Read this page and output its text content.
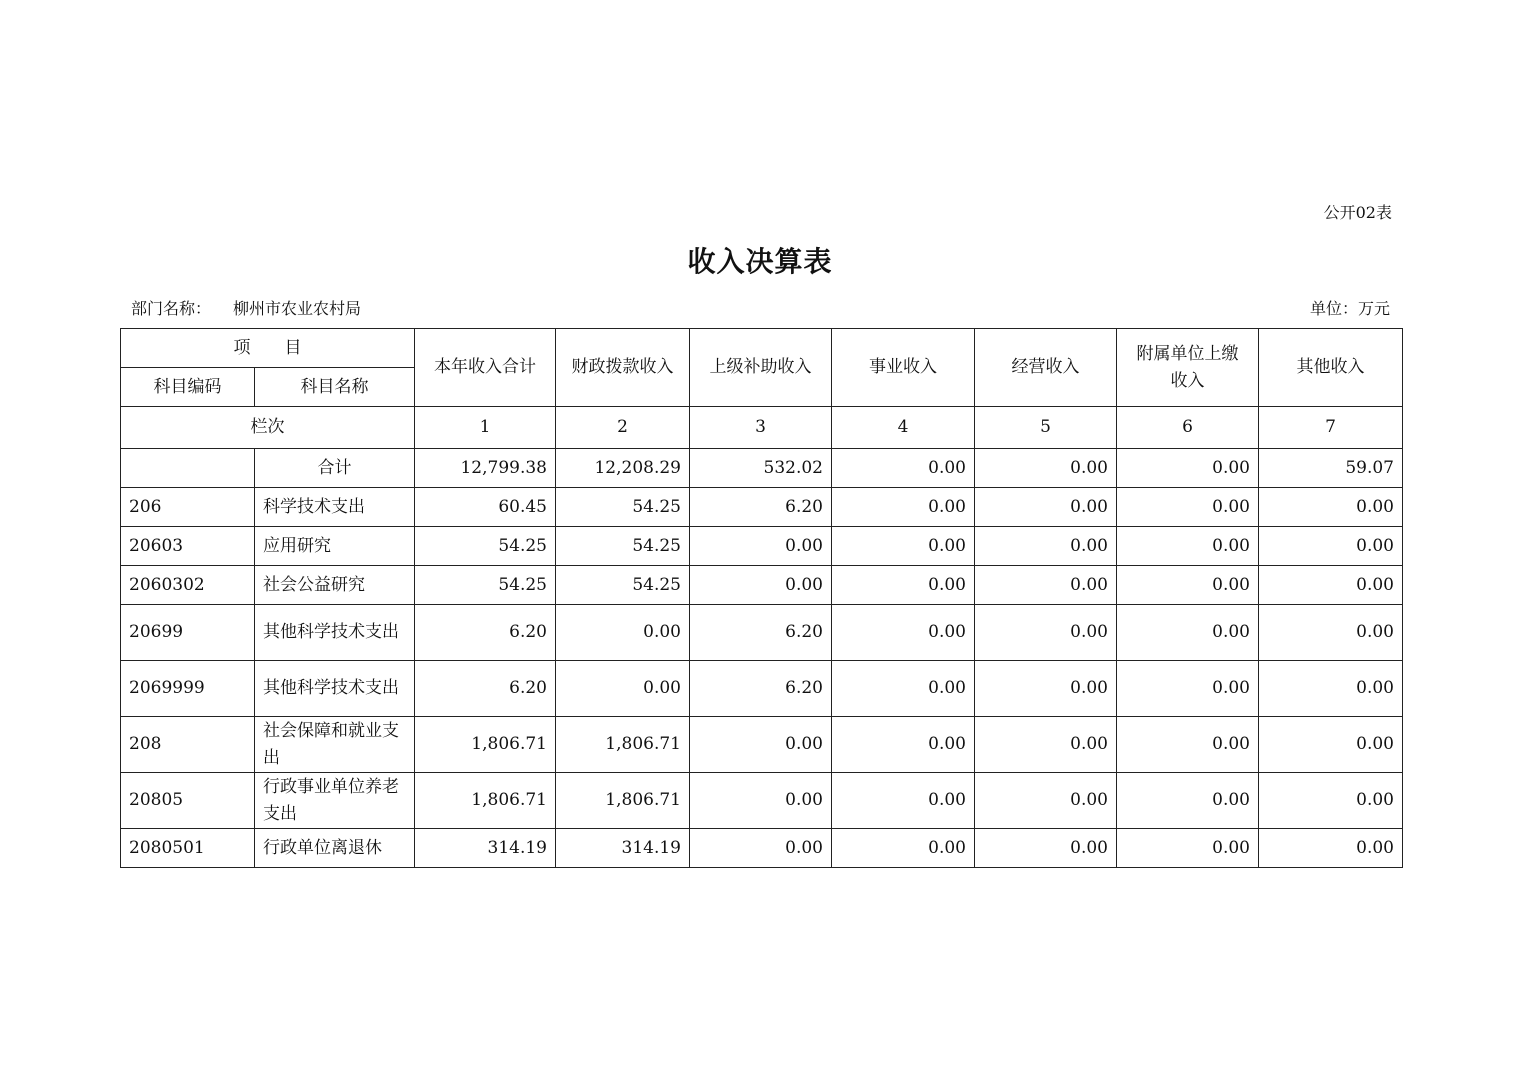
公开02表
收入决算表
部门名称： 柳州市农业农村局	单位：万元
项　　目		本年收入合计	财政拨款收入	上级补助收入	事业收入	经营收入	附属单位上缴收入	其他收入
科目编码	科目名称							
栏次		1	2	3	4	5	6	7
	合计	12,799.38	12,208.29	532.02	0.00	0.00	0.00	59.07
206	科学技术支出	60.45	54.25	6.20	0.00	0.00	0.00	0.00
20603	应用研究	54.25	54.25	0.00	0.00	0.00	0.00	0.00
2060302	社会公益研究	54.25	54.25	0.00	0.00	0.00	0.00	0.00
20699	其他科学技术支出	6.20	0.00	6.20	0.00	0.00	0.00	0.00
2069999	其他科学技术支出	6.20	0.00	6.20	0.00	0.00	0.00	0.00
208	社会保障和就业支出	1,806.71	1,806.71	0.00	0.00	0.00	0.00	0.00
20805	行政事业单位养老支出	1,806.71	1,806.71	0.00	0.00	0.00	0.00	0.00
2080501	行政单位离退休	314.19	314.19	0.00	0.00	0.00	0.00	0.00
